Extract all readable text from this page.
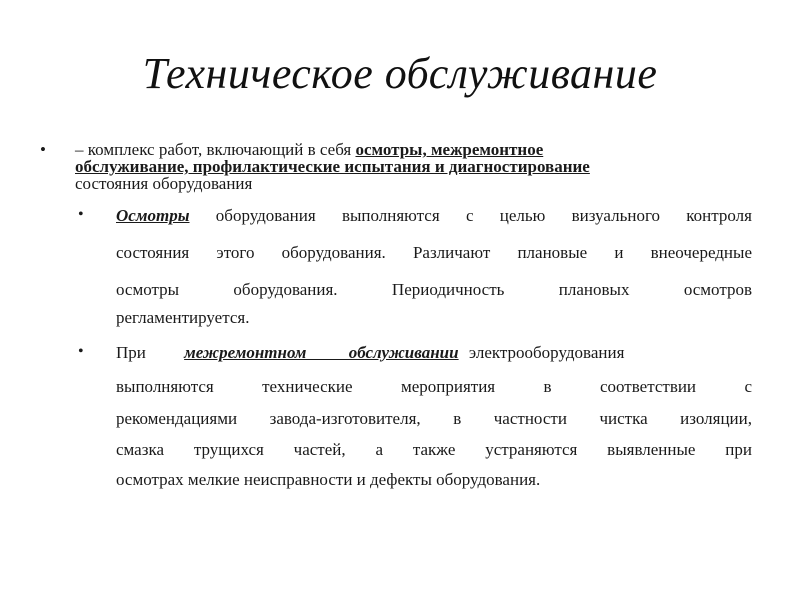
Техническое обслуживание
• – комплекс работ, включающий в себя осмотры, межремонтное
обслуживание, профилактические испытания и диагностирование
состояния оборудования
• Осмотры оборудования выполняются с целью визуального контроля
состояния этого оборудования. Различают плановые и внеочередные
осмотры оборудования. Периодичность плановых осмотров
регламентируется.
• При межремонтном обслуживании электрооборудования
выполняются технические мероприятия в соответствии с
рекомендациями завода-изготовителя, в частности чистка изоляции,
смазка трущихся частей, а также устраняются выявленные при
осмотрах мелкие неисправности и дефекты оборудования.
